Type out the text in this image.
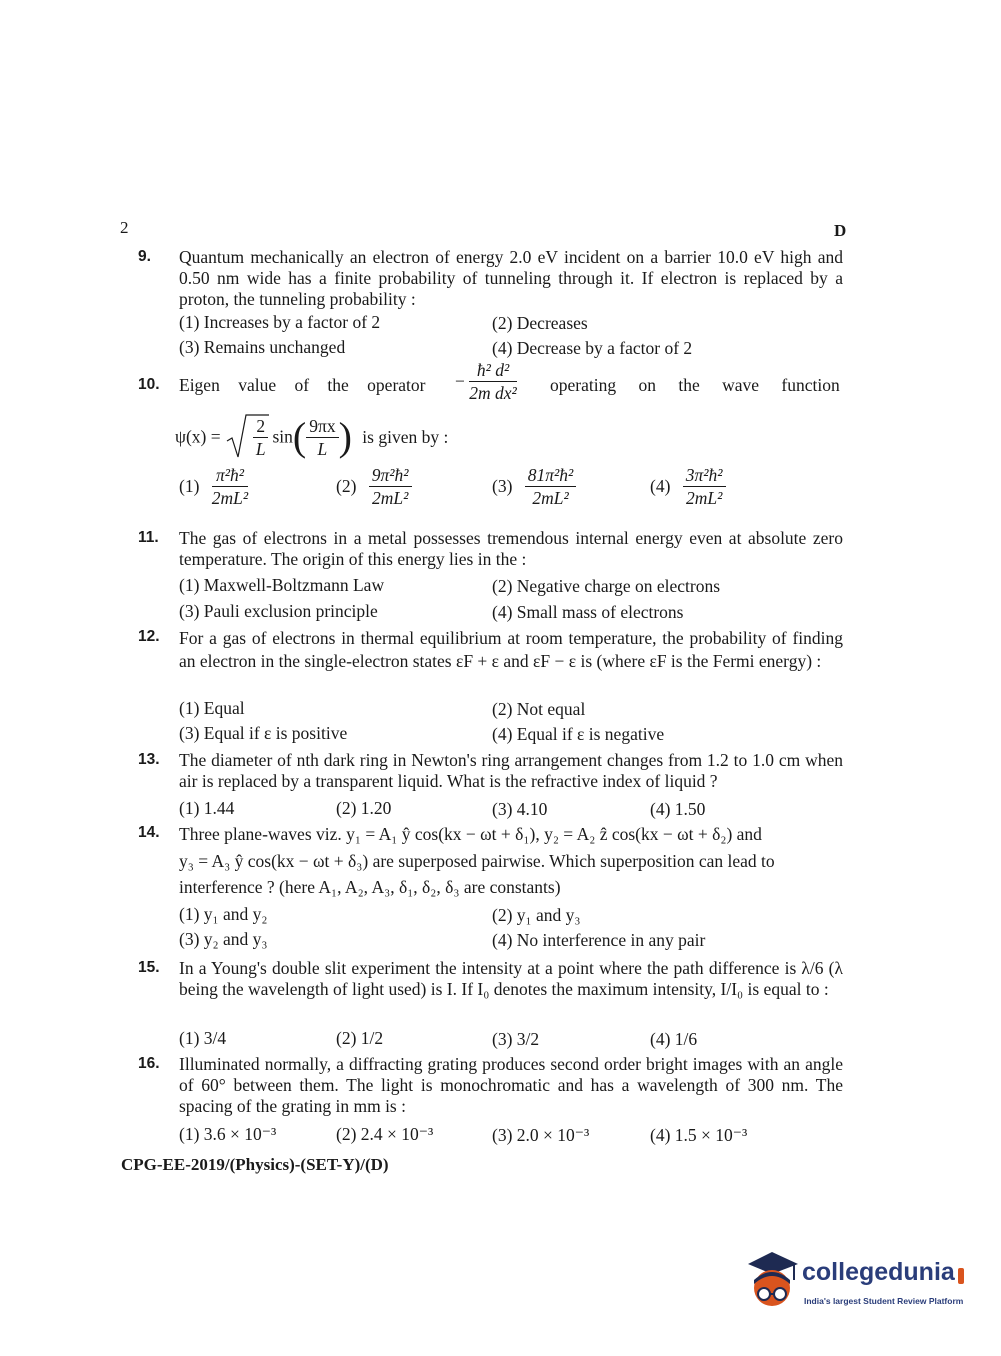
2	D
9. Quantum mechanically an electron of energy 2.0 eV incident on a barrier 10.0 eV high and 0.50 nm wide has a finite probability of tunneling through it. If electron is replaced by a proton, the tunneling probability :
(1) Increases by a factor of 2	(2) Decreases
(3) Remains unchanged	(4) Decrease by a factor of 2
10. Eigen value of the operator − $\frac{\text{ħ² d²}}{\text{2m dx²}}$ operating on the wave function
$\psi(x) = \frac{2}{L} \sin( \frac{9\pi x}{L}$ ) is given by :
$(1) \frac{\text{π²ħ²}}{\text{2mL²}}$	$(2) \frac{\text{9π²ħ²}}{\text{2mL²}}$	$(3) \frac{\text{81π²ħ²}}{\text{2mL²}}$	$(4) \frac{\text{3π²ħ²}}{\text{2mL²}}$
11. The gas of electrons in a metal possesses tremendous internal energy even at absolute zero temperature. The origin of this energy lies in the :
(1) Maxwell-Boltzmann Law	(2) Negative charge on electrons
(3) Pauli exclusion principle	(4) Small mass of electrons
12. For a gas of electrons in thermal equilibrium at room temperature, the probability of finding an electron in the single-electron states εF + ε and εF − ε is (where εF is the Fermi energy) :
(1) Equal	(2) Not equal
(3) Equal if ε is positive	(4) Equal if ε is negative
13. The diameter of nth dark ring in Newton's ring arrangement changes from 1.2 to 1.0 cm when air is replaced by a transparent liquid. What is the refractive index of liquid ?
(1) 1.44	(2) 1.20	(3) 4.10	(4) 1.50
14. Three plane-waves viz. y₁ = A₁ ŷ cos(kx − ωt + δ₁), y₂ = A₂ ẑ cos(kx − ωt + δ₂) and
y₃ = A₃ ŷ cos(kx − ωt + δ₃) are superposed pairwise. Which superposition can lead to
interference ? (here A₁, A₂, A₃, δ₁, δ₂, δ₃ are constants)
(1) y₁ and y₂	(2) y₁ and y₃
(3) y₂ and y₃	(4) No interference in any pair
15. In a Young's double slit experiment the intensity at a point where the path difference is λ/6 (λ being the wavelength of light used) is I. If I₀ denotes the maximum intensity, I/I₀ is equal to :
(1) 3/4	(2) 1/2	(3) 3/2	(4) 1/6
16. Illuminated normally, a diffracting grating produces second order bright images with an angle of 60° between them. The light is monochromatic and has a wavelength of 300 nm. The spacing of the grating in mm is :
(1) 3.6 × 10⁻³	(2) 2.4 × 10⁻³	(3) 2.0 × 10⁻³	(4) 1.5 × 10⁻³
CPG-EE-2019/(Physics)-(SET-Y)/(D)
collegedunia
India's largest Student Review Platform
